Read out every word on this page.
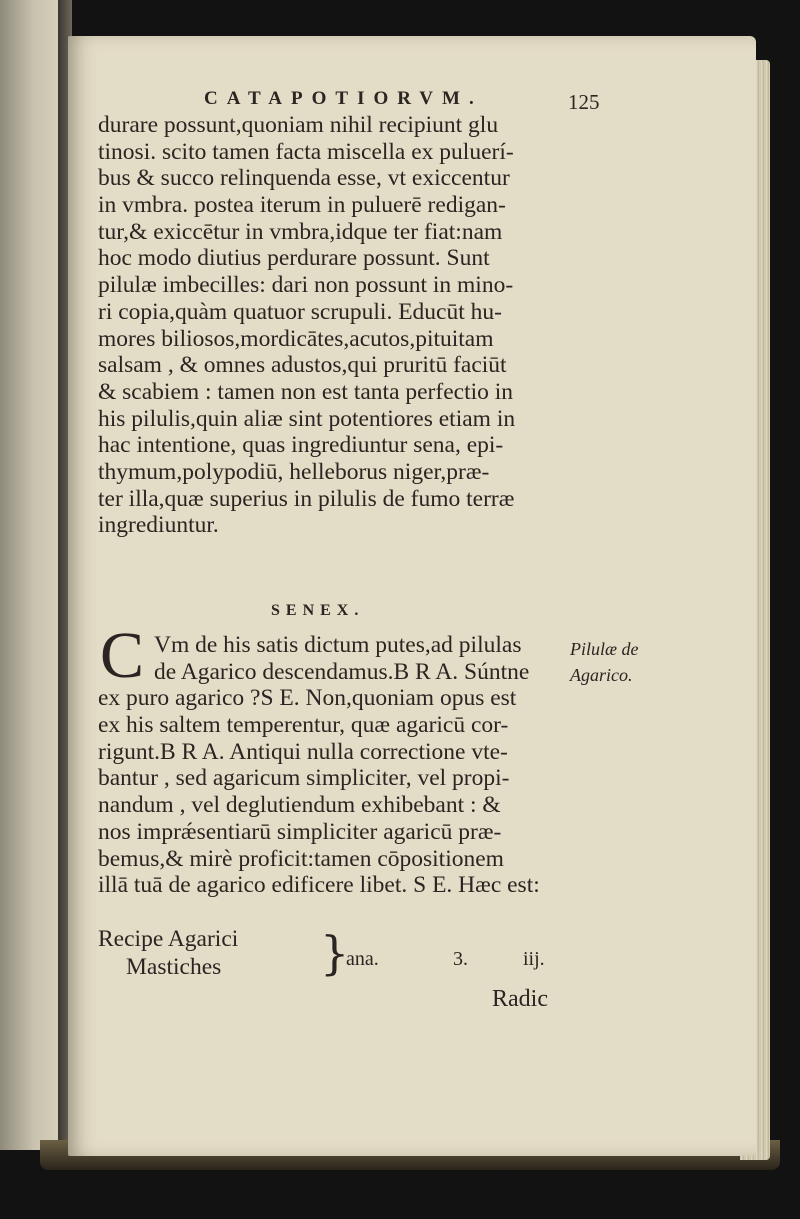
CATAPOTIORVM.	125
durare possunt,quoniam nihil recipiunt glu
tinosi. scito tamen facta miscella ex puluerí-
bus & succo relinquenda esse, vt exiccentur
in vmbra. postea iterum in puluerē redigan-
tur,& exiccētur in vmbra,idque ter fiat:nam
hoc modo diutius perdurare possunt. Sunt
pilulæ imbecilles: dari non possunt in mino-
ri copia,quàm quatuor scrupuli. Educūt hu-
mores biliosos,mordicātes,acutos,pituitam
salsam , & omnes adustos,qui pruritū faciūt
& scabiem : tamen non est tanta perfectio in
his pilulis,quin aliæ sint potentiores etiam in
hac intentione, quas ingrediuntur sena, epi-
thymum,polypodiū, helleborus niger,præ-
ter illa,quæ superius in pilulis de fumo terræ
ingrediuntur.
SENEX.
C Vm de his satis dictum putes,ad pilulas
de Agarico descendamus.B R A. Súntne
ex puro agarico ?S E. Non,quoniam opus est
ex his saltem temperentur, quæ agaricū cor-
rigunt.B R A. Antiqui nulla correctione vte-
bantur , sed agaricum simpliciter, vel propi-
nandum , vel deglutiendum exhibebant : &
nos imprǽsentiarū simpliciter agaricū præ-
bemus,& mirè proficit:tamen cōpositionem
illā tuā de agarico edificere libet. S E. Hæc est:
Pilulæ de
Agarico.
Recipe Agarici
Mastiches	}
ana.	3.	iij.
Radic
